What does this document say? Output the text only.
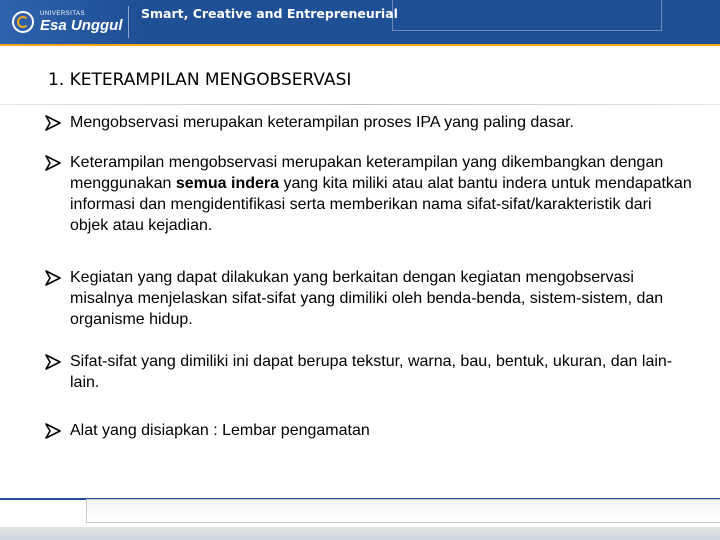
UNIVERSITAS
Esa Unggul
Smart, Creative and Entrepreneurial
1. KETERAMPILAN MENGOBSERVASI
Mengobservasi merupakan keterampilan proses IPA yang paling dasar.
Keterampilan mengobservasi merupakan keterampilan yang dikembangkan dengan menggunakan semua indera yang kita miliki atau alat bantu indera untuk mendapatkan informasi dan mengidentifikasi serta memberikan nama sifat-sifat/karakteristik dari objek atau kejadian.
Kegiatan yang dapat dilakukan yang berkaitan dengan kegiatan mengobservasi misalnya menjelaskan sifat-sifat yang dimiliki oleh benda-benda, sistem-sistem, dan organisme hidup.
Sifat-sifat yang dimiliki ini dapat berupa tekstur, warna, bau, bentuk, ukuran, dan lain-lain.
Alat yang disiapkan : Lembar pengamatan
